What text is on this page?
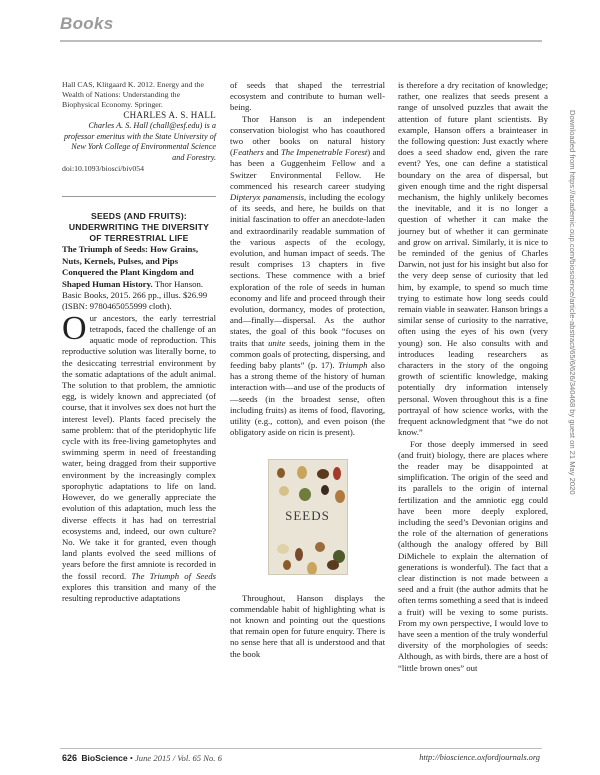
Books

Hall CAS, Klitgaard K. 2012. Energy and the Wealth of Nations: Understanding the Biophysical Economy. Springer.

CHARLES A. S. HALL

Charles A. S. Hall (chall@esf.edu) is a professor emeritus with the State University of New York College of Environmental Science and Forestry.

doi:10.1093/biosci/biv054

SEEDS (AND FRUITS): UNDERWRITING THE DIVERSITY OF TERRESTRIAL LIFE

The Triumph of Seeds: How Grains, Nuts, Kernels, Pulses, and Pips Conquered the Plant Kingdom and Shaped Human History. Thor Hanson. Basic Books, 2015. 266 pp., illus. $26.99 (ISBN: 9780465055999 cloth).

Our ancestors, the early terrestrial tetrapods, faced the challenge of an aquatic mode of reproduction. This reproductive solution was literally borne, to the desiccating terrestrial environment by the somatic adaptations of the adult animal. The solution to that problem, the amniotic egg, is widely known and appreciated (of course, that it involves sex does not hurt the interest level). Plants faced precisely the same problem: that of the pteridophytic life cycle with its free-living gametophytes and swimming sperm in need of freestanding water, being dragged from their supportive environment by the increasingly complex sporophytic adaptations to life on land. However, do we generally appreciate the evolution of this adaptation, much less the diverse effects it has had on terrestrial ecosystems and, indeed, our own culture? No. We take it for granted, even though land plants evolved the seed millions of years before the first amniote is recorded in the fossil record. The Triumph of Seeds explores this transition and many of the resulting reproductive adaptations

of seeds that shaped the terrestrial ecosystem and contribute to human well-being.

Thor Hanson is an independent conservation biologist who has coauthored two other books on natural history (Feathers and The Impenetrable Forest) and has been a Guggenheim Fellow and a Switzer Environmental Fellow. He commenced his research career studying Dipteryx panamensis, including the ecology of its seeds, and here, he builds on that initial fascination to offer an anecdote-laden and extraordinarily readable summation of the various aspects of the ecology, evolution, and human impact of seeds. The result comprises 13 chapters in five sections. These commence with a brief exploration of the role of seeds in human economy and life and proceed through their evolution, dormancy, modes of protection, and—finally—dispersal. As the author states, the goal of this book “focuses on traits that unite seeds, joining them in the common goals of protecting, dispersing, and feeding baby plants” (p. 17). Triumph also has a strong theme of the history of human interaction with—and use of the products of—seeds (in the broadest sense, often including fruits) as items of food, flavoring, utility (e.g., cotton), and even poison (the obligatory aside on ricin is present).

SEEDS

Throughout, Hanson displays the commendable habit of highlighting what is not known and pointing out the questions that remain open for future enquiry. There is no sense here that all is understood and that the book

is therefore a dry recitation of knowledge; rather, one realizes that seeds present a range of unsolved puzzles that await the attention of future plant scientists. By example, Hanson offers a brainteaser in the following question: Just exactly where does a seed shadow end, given the rare event? Yes, one can define a statistical boundary on the area of dispersal, but given enough time and the right dispersal mechanism, the highly unlikely becomes the inevitable, and it is no longer a question of whether it can make the journey but of whether it can germinate and grow on arrival. Similarly, it is nice to be reminded of the genius of Charles Darwin, not just for his insight but also for the very deep sense of curiosity that led him, by example, to spend so much time trying to estimate how long seeds could remain viable in seawater. Hanson brings a similar sense of curiosity to the narrative, often using the eyes of his own (very young) son. He also consults with and introduces leading researchers as characters in the story of the ongoing growth of scientific knowledge, making potentially dry information intensely personal. Woven throughout this is a fine portrayal of how science works, with the frequent acknowledgment that “we do not know.”

For those deeply immersed in seed (and fruit) biology, there are places where the reader may be disappointed at simplification. The origin of the seed and its parallels to the origin of internal fertilization and the amniotic egg could have been more deeply explored, including the seed’s Devonian origins and the role of the alternation of generations (although the analogy offered by Bill DiMichele to explain the alternation of generations is wonderful). The fact that a clear distinction is not made between a seed and a fruit (the author admits that he often terms something a seed that is indeed a fruit) will be vexing to some purists. From my own perspective, I would love to have seen a mention of the truly wonderful diversity of the morphologies of seeds: Although, as with birds, there are a host of “little brown ones” out

Downloaded from https://academic.oup.com/bioscience/article-abstract/65/6/626/340468 by guest on 21 May 2020
626 BioScience • June 2015 / Vol. 65 No. 6	http://bioscience.oxfordjournals.org
